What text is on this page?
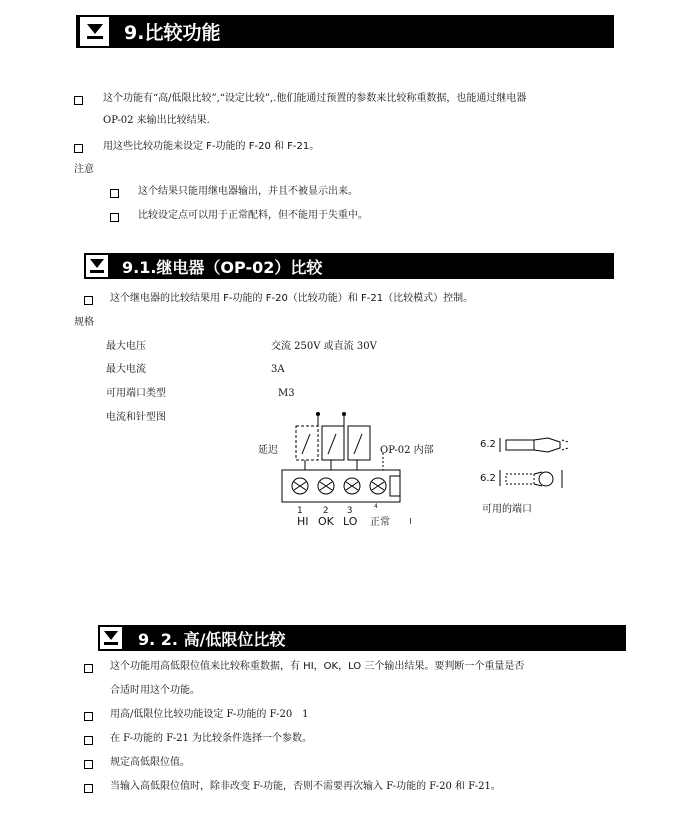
9.比较功能
这个功能有“高/低限比较”,“设定比较”,.他们能通过预置的参数来比较称重数据，也能通过继电器
OP-02 来输出比较结果.
用这些比较功能来设定 F-功能的 F-20 和 F-21。
注意
这个结果只能用继电器输出，并且不被显示出来。
比较设定点可以用于正常配料，但不能用于失重中。
9.1.继电器（OP-02）比较
这个继电器的比较结果用 F-功能的 F-20（比较功能）和 F-21（比较模式）控制。
规格
最大电压	交流 250V 或直流 30V
最大电流	3A
可用端口类型	M3
电流和针型图
延迟	OP-02 内部
1 2 3	4
HI OK LO 正常
6.2
6.2
可用的端口
9. 2. 高/低限位比较
这个功能用高低限位值来比较称重数据，有 HI，OK，LO 三个输出结果。要判断一个重量是否
合适时用这个功能。
用高/低限位比较功能设定 F-功能的 F-20　1
在 F-功能的 F-21 为比较条件选择一个参数。
规定高低限位值。
当输入高低限位值时，除非改变 F-功能，否则不需要再次输入 F-功能的 F-20 和 F-21。
